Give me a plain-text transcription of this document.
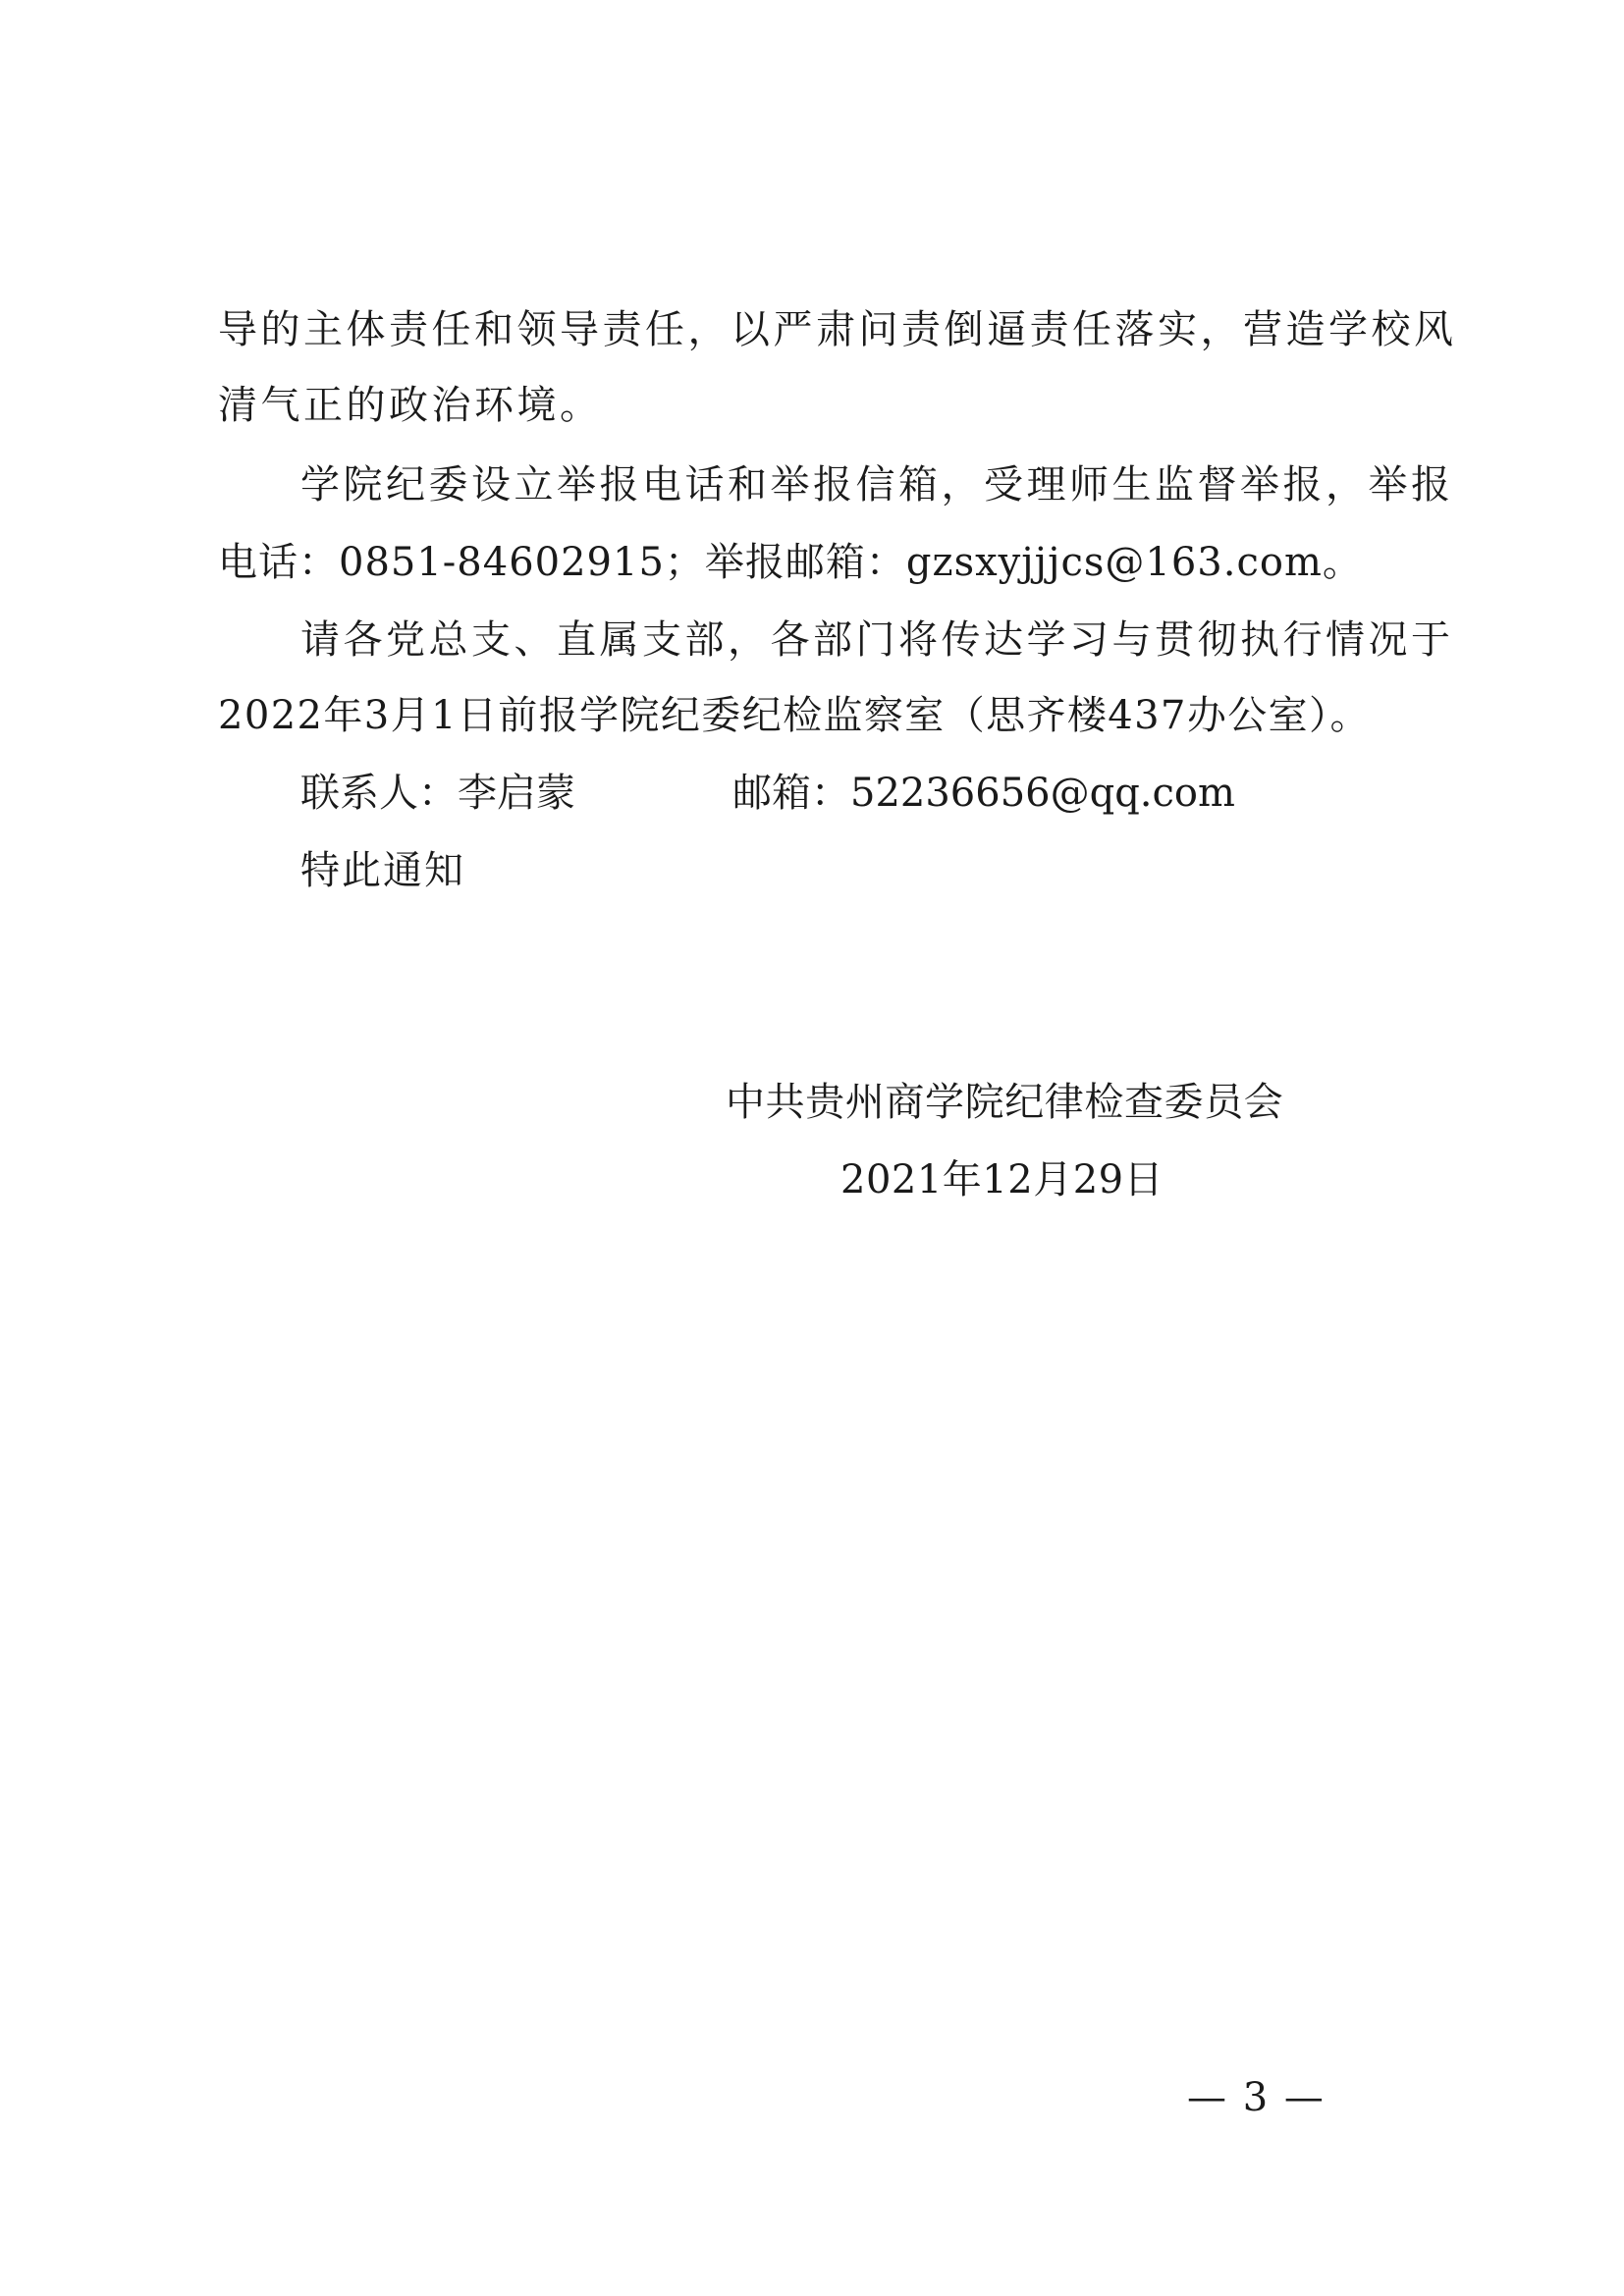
导的主体责任和领导责任，以严肃问责倒逼责任落实，营造学校风
清气正的政治环境。
学院纪委设立举报电话和举报信箱，受理师生监督举报，举报
电话：0851-84602915；举报邮箱：gzsxyjjjcs@163.com。
请各党总支、直属支部，各部门将传达学习与贯彻执行情况于
2022年3月1日前报学院纪委纪检监察室（思齐楼437办公室）。
联系人：李启蒙	邮箱：52236656@qq.com
特此通知
中共贵州商学院纪律检查委员会
2021年12月29日
— 3 —
